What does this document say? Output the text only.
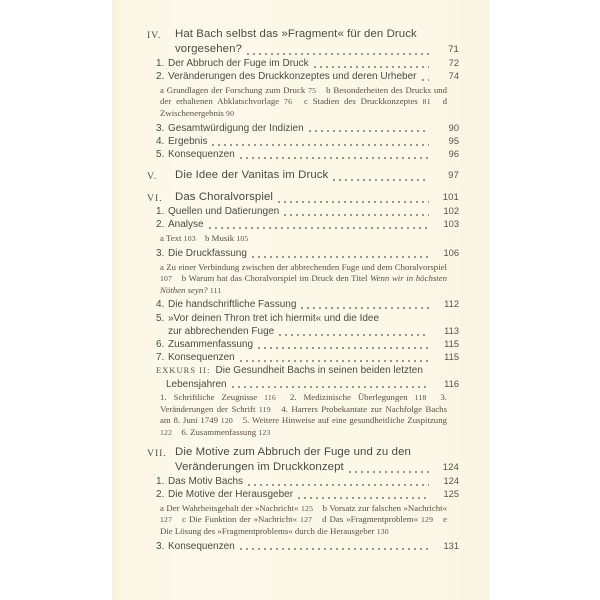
IV.	Hat Bach selbst das »Fragment« für den Druck
vorgesehen?	71
1. Der Abbruch der Fuge im Druck	72
2. Veränderungen des Druckkonzeptes und deren Urheber	74

a Grundlagen der Forschung zum Druck 75 b Besonderheiten des Drucks und der erhaltenen Abklatschvorlage 76 c Stadien des Druckkonzeptes 81 d Zwischenergebnis 90

3. Gesamtwürdigung der Indizien	90
4. Ergebnis	95
5. Konsequenzen	96
V.	Die Idee der Vanitas im Druck	97
VI.	Das Choralvorspiel	101
1. Quellen und Datierungen	102
2. Analyse	103

a Text 103 b Musik 105

3. Die Druckfassung	106

a Zu einer Verbindung zwischen der abbrechenden Fuge und dem Choralvorspiel 107 b Warum hat das Choralvorspiel im Druck den Titel Wenn wir in höchsten Nöthen seyn? 111

4. Die handschriftliche Fassung	112
5. »Vor deinen Thron tret ich hiermit« und die Idee
zur abbrechenden Fuge	113
6. Zusammenfassung	115
7. Konsequenzen	115
EXKURS II: Die Gesundheit Bachs in seinen beiden letzten
Lebensjahren	116

1. Schriftliche Zeugnisse 116 2. Medizinische Überlegungen 118 3. Veränderungen der Schrift 119 4. Harrers Probekantate zur Nachfolge Bachs am 8. Juni 1749 120 5. Weitere Hinweise auf eine gesundheitliche Zuspitzung 122 6. Zusammenfassung 123

VII. Die Motive zum Abbruch der Fuge und zu den
Veränderungen im Druckkonzept	124
1. Das Motiv Bachs	124
2. Die Motive der Herausgeber	125

a Der Wahrheitsgehalt der »Nachricht« 125 b Vorsatz zur falschen »Nachricht« 127 c Die Funktion der »Nachricht« 127 d Das »Fragmentproblem« 129 e Die Lösung des »Fragmentproblems« durch die Herausgeber 130

3. Konsequenzen	131
